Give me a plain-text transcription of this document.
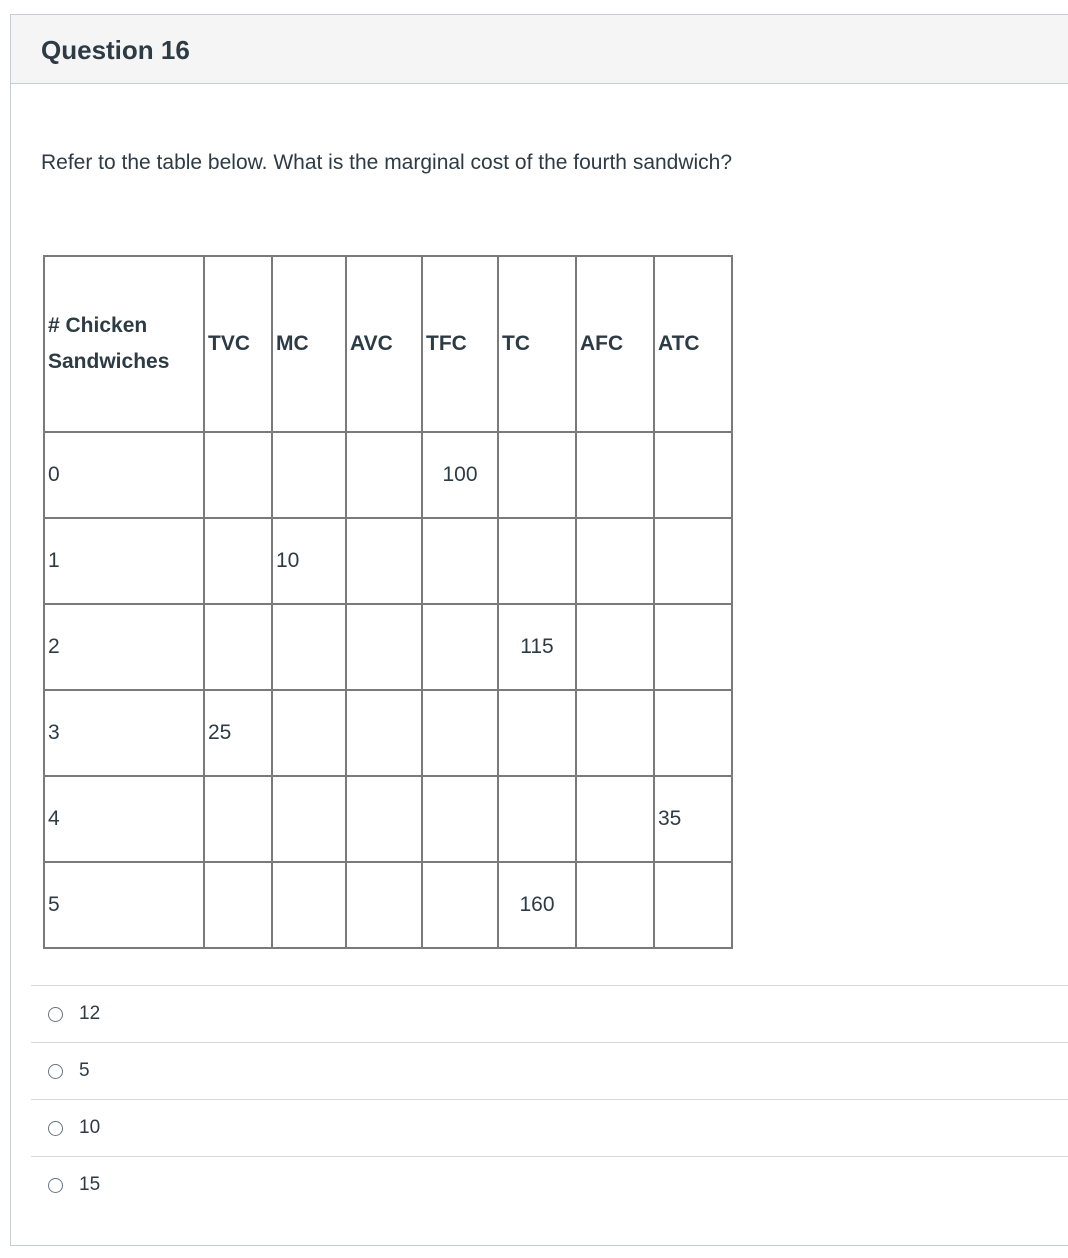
Question 16
Refer to the table below. What is the marginal cost of the fourth sandwich?
# Chicken Sandwiches	TVC	MC	AVC	TFC	TC	AFC	ATC
0				100			
1		10					
2					115		
3	25						
4							35
5					160		
12
5
10
15
